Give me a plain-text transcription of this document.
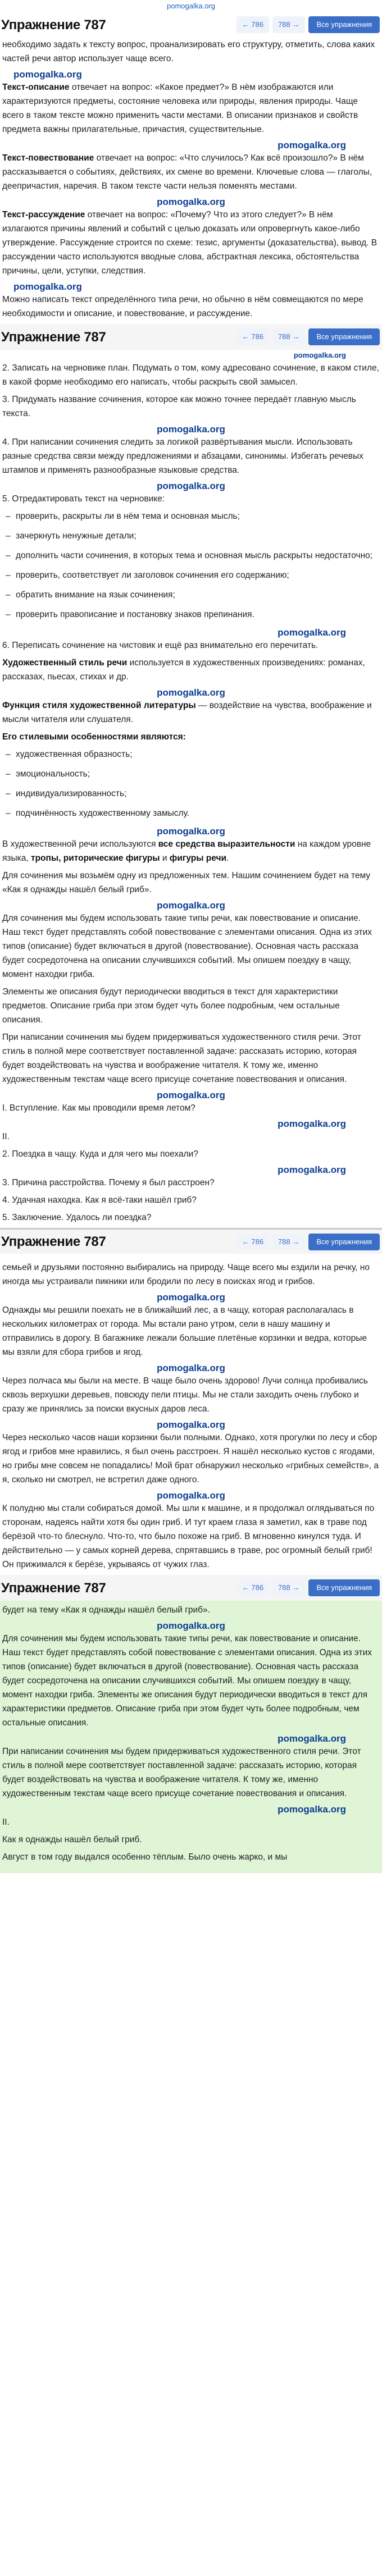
pomogalka.org
Упражнение 787	← 786	788 →	Все упражнения

необходимо задать к тексту вопрос, проанализировать его структуру, отметить, слова каких частей речи автор использует чаще всего.

pomogalka.org

Текст-описание отвечает на вопрос: «Какое предмет?» В нём изображаются или характеризуются предметы, состояние человека или природы, явления природы. Чаще всего в таком тексте можно применить части местами. В описании признаков и свойств предмета важны прилагательные, причастия, существительные.

pomogalka.org

Текст-повествование отвечает на вопрос: «Что случилось? Как всё произошло?» В нём рассказывается о событиях, действиях, их смене во времени. Ключевые слова — глаголы, деепричастия, наречия. В таком тексте части нельзя поменять местами.

pomogalka.org

Текст-рассуждение отвечает на вопрос: «Почему? Что из этого следует?» В нём излагаются причины явлений и событий с целью доказать или опровергнуть какое-либо утверждение. Рассуждение строится по схеме: тезис, аргументы (доказательства), вывод. В рассуждении часто используются вводные слова, абстрактная лексика, обстоятельства причины, цели, уступки, следствия.

pomogalka.org

Можно написать текст определённого типа речи, но обычно в нём совмещаются по мере необходимости и описание, и повествование, и рассуждение.

Упражнение 787	← 786	788 →	Все упражнения
pomogalka.org

2. Записать на черновике план. Подумать о том, кому адресовано сочинение, в каком стиле, в какой форме необходимо его написать, чтобы раскрыть свой замысел.

3. Придумать название сочинения, которое как можно точнее передаёт главную мысль текста.

pomogalka.org

4. При написании сочинения следить за логикой развёртывания мысли. Использовать разные средства связи между предложениями и абзацами, синонимы. Избегать речевых штампов и применять разнообразные языковые средства.

pomogalka.org

5. Отредактировать текст на черновике:

– проверить, раскрыты ли в нём тема и основная мысль;
– зачеркнуть ненужные детали;
– дополнить части сочинения, в которых тема и основная мысль раскрыты недостаточно;
– проверить, соответствует ли заголовок сочинения его содержанию;
– обратить внимание на язык сочинения;
– проверить правописание и постановку знаков препинания.
pomogalka.org

6. Переписать сочинение на чистовик и ещё раз внимательно его перечитать.

Художественный стиль речи используется в художественных произведениях: романах, рассказах, пьесах, стихах и др.

pomogalka.org

Функция стиля художественной литературы — воздействие на чувства, воображение и мысли читателя или слушателя.

Его стилевыми особенностями являются:

– художественная образность;
– эмоциональность;
– индивидуализированность;
– подчинённость художественному замыслу.
pomogalka.org

В художественной речи используются все средства выразительности на каждом уровне языка, тропы, риторические фигуры и фигуры речи.

Для сочинения мы возьмём одну из предложенных тем. Нашим сочинением будет на тему «Как я однажды нашёл белый гриб».

pomogalka.org

Для сочинения мы будем использовать такие типы речи, как повествование и описание. Наш текст будет представлять собой повествование с элементами описания. Одна из этих типов (описание) будет включаться в другой (повествование). Основная часть рассказа будет сосредоточена на описании случившихся событий. Мы опишем поездку в чащу, момент находки гриба.

Элементы же описания будут периодически вводиться в текст для характеристики предметов. Описание гриба при этом будет чуть более подробным, чем остальные описания.

При написании сочинения мы будем придерживаться художественного стиля речи. Этот стиль в полной мере соответствует поставленной задаче: рассказать историю, которая будет воздействовать на чувства и воображение читателя. К тому же, именно художественным текстам чаще всего присуще сочетание повествования и описания.

pomogalka.org

I. Вступление. Как мы проводили время летом?

pomogalka.org

II.

2. Поездка в чащу. Куда и для чего мы поехали?

pomogalka.org

3. Причина расстройства. Почему я был расстроен?

4. Удачная находка. Как я всё-таки нашёл гриб?

5. Заключение. Удалось ли поездка?

Упражнение 787	← 786	788 →	Все упражнения

семьей и друзьями постоянно выбирались на природу. Чаще всего мы ездили на речку, но иногда мы устраивали пикники или бродили по лесу в поисках ягод и грибов.

pomogalka.org

Однажды мы решили поехать не в ближайший лес, а в чащу, которая располагалась в нескольких километрах от города. Мы встали рано утром, сели в нашу машину и отправились в дорогу. В багажнике лежали большие плетёные корзинки и ведра, которые мы взяли для сбора грибов и ягод.

pomogalka.org

Через полчаса мы были на месте. В чаще было очень здорово! Лучи солнца пробивались сквозь верхушки деревьев, повсюду пели птицы. Мы не стали заходить очень глубоко и сразу же принялись за поиски вкусных даров леса.

pomogalka.org

Через несколько часов наши корзинки были полными. Однако, хотя прогулки по лесу и сбор ягод и грибов мне нравились, я был очень расстроен. Я нашёл несколько кустов с ягодами, но грибы мне совсем не попадались! Мой брат обнаружил несколько «грибных семейств», а я, сколько ни смотрел, не встретил даже одного.

pomogalka.org

К полудню мы стали собираться домой. Мы шли к машине, и я продолжал оглядываться по сторонам, надеясь найти хотя бы один гриб. И тут краем глаза я заметил, как в траве под берёзой что-то блеснуло. Что-то, что было похоже на гриб. В мгновенно кинулся туда. И действительно — у самых корней дерева, спрятавшись в траве, рос огромный белый гриб! Он прижимался к берёзе, укрываясь от чужих глаз.

Упражнение 787	← 786	788 →	Все упражнения

будет на тему «Как я однажды нашёл белый гриб».

pomogalka.org

Для сочинения мы будем использовать такие типы речи, как повествование и описание. Наш текст будет представлять собой повествование с элементами описания. Одна из этих типов (описание) будет включаться в другой (повествование). Основная часть рассказа будет сосредоточена на описании случившихся событий. Мы опишем поездку в чащу, момент находки гриба. Элементы же описания будут периодически вводиться в текст для характеристики предметов. Описание гриба при этом будет чуть более подробным, чем остальные описания.

pomogalka.org

При написании сочинения мы будем придерживаться художественного стиля речи. Этот стиль в полной мере соответствует поставленной задаче: рассказать историю, которая будет воздействовать на чувства и воображение читателя. К тому же, именно художественным текстам чаще всего присуще сочетание повествования и описания.

pomogalka.org

II.

Как я однажды нашёл белый гриб.

Август в том году выдался особенно тёплым. Было очень жарко, и мы
